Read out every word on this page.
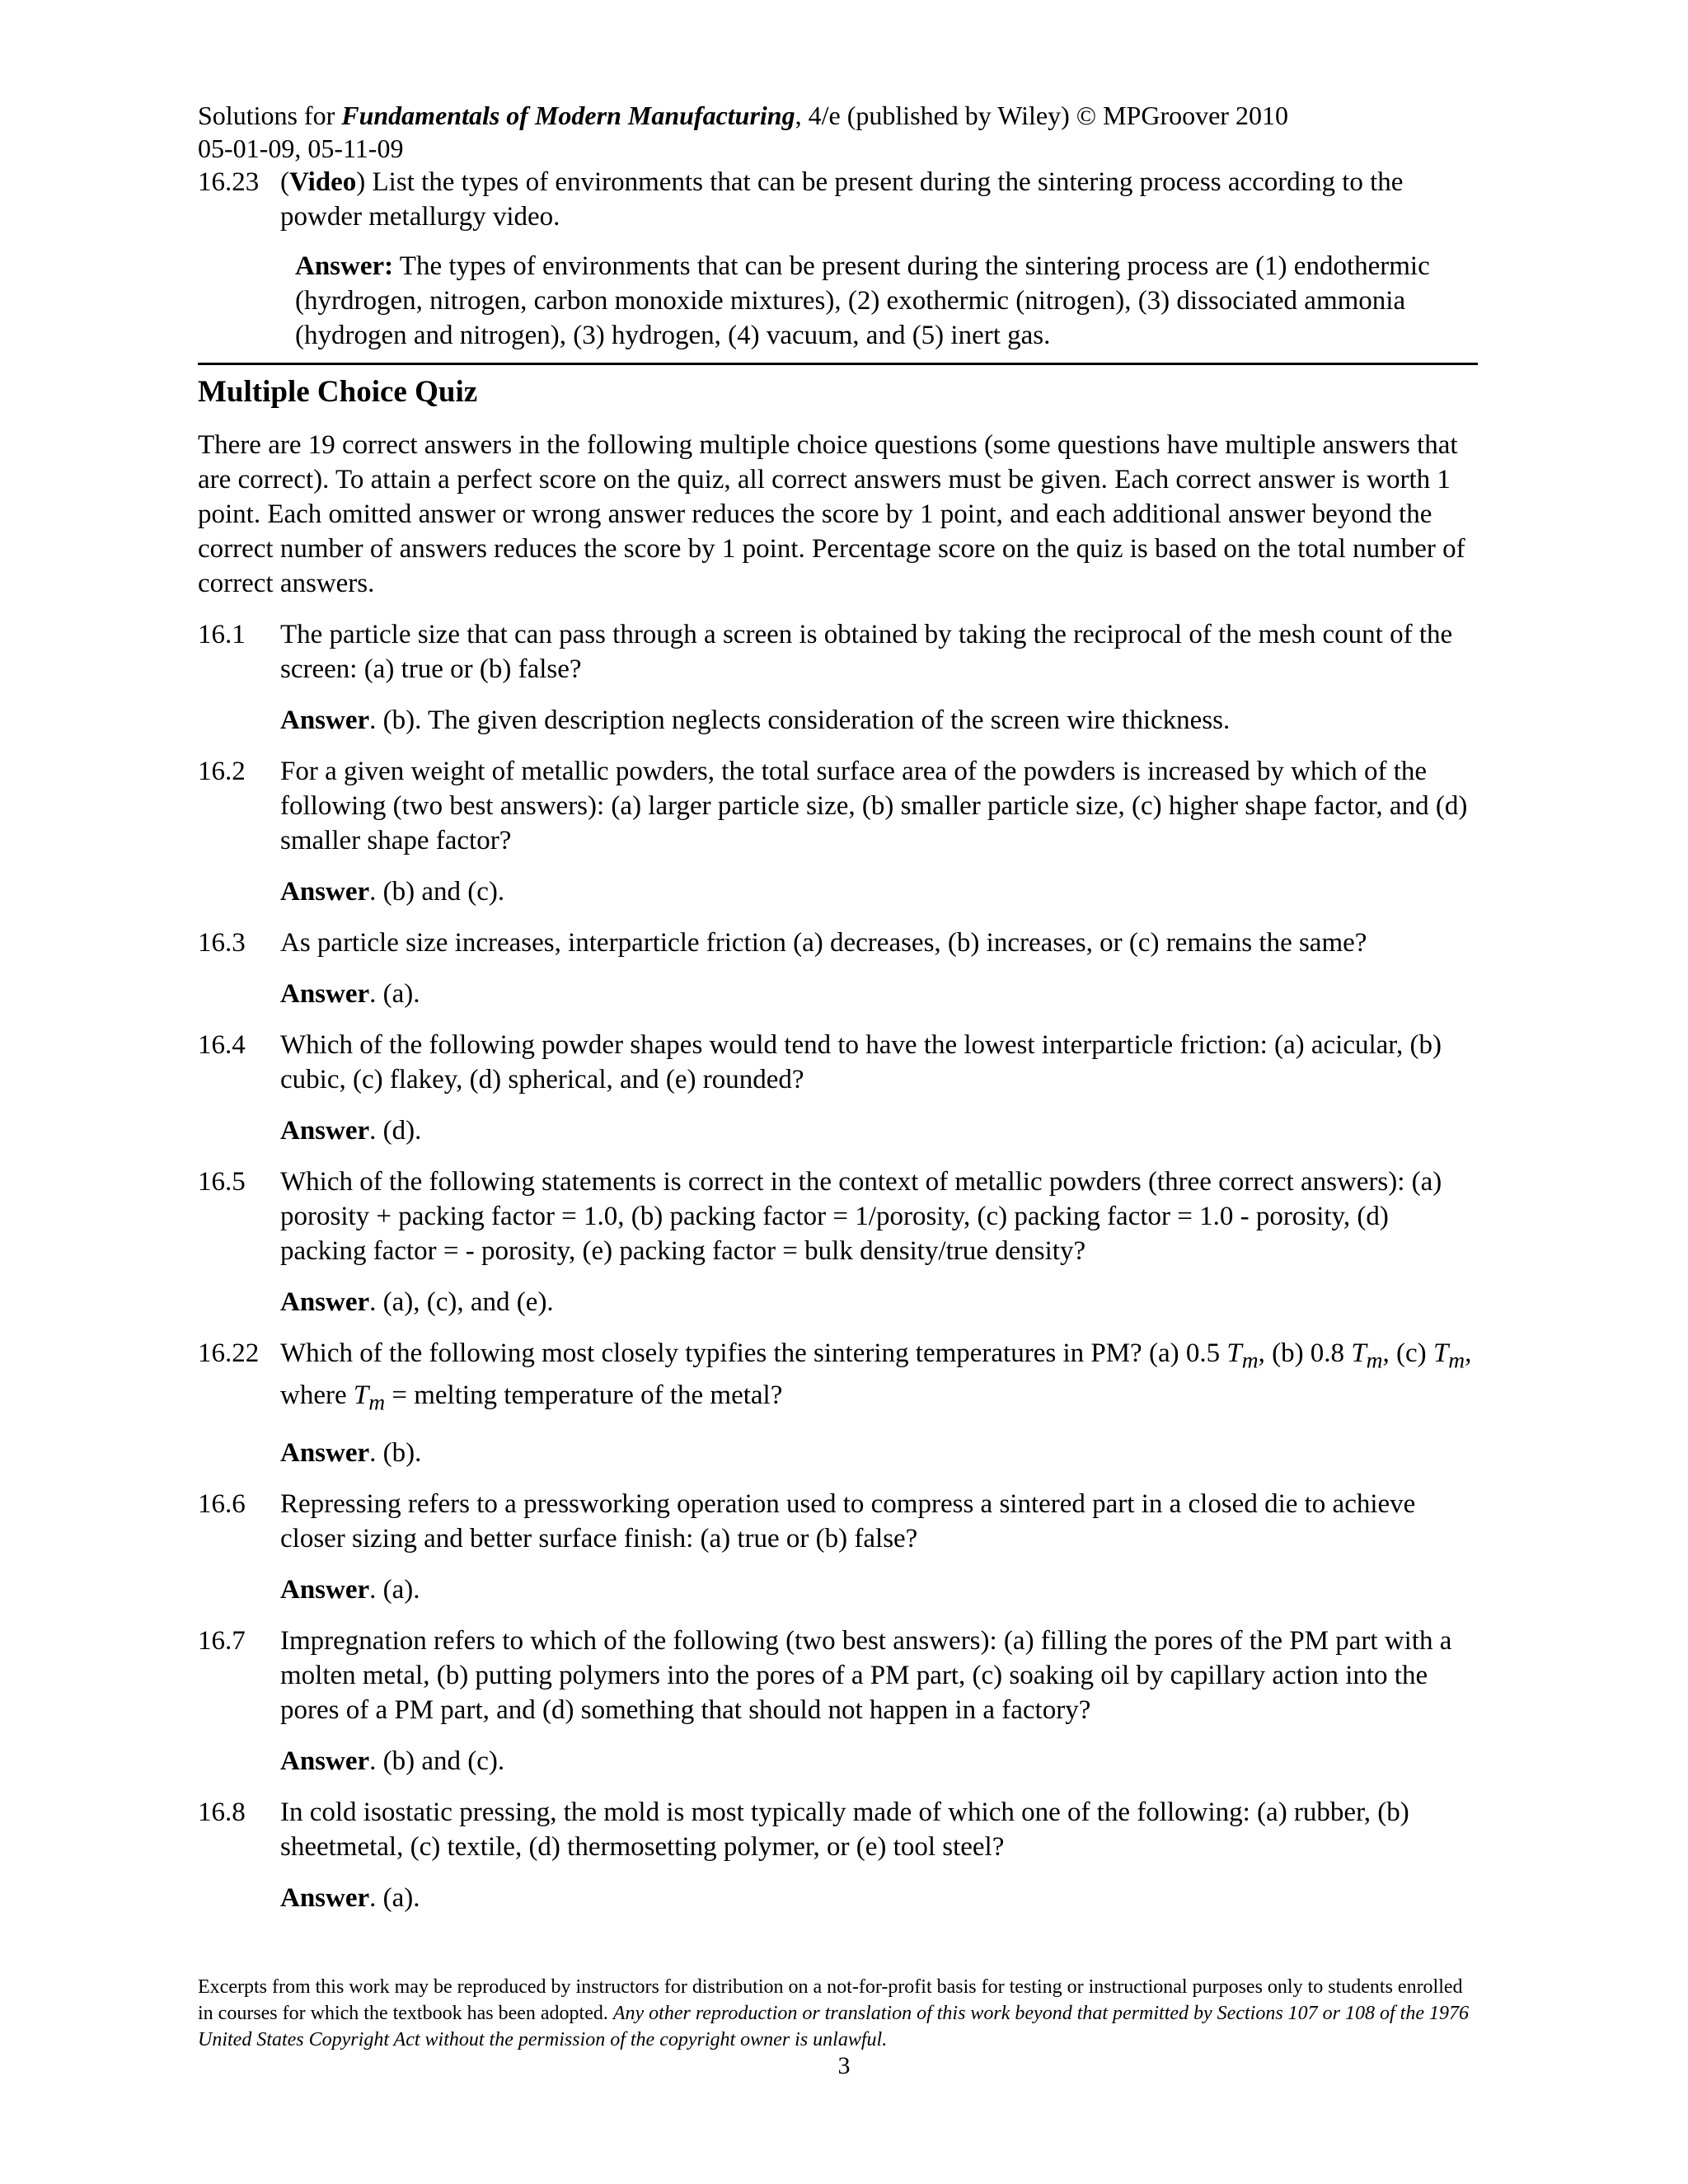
Solutions for Fundamentals of Modern Manufacturing, 4/e (published by Wiley) © MPGroover 2010
05-01-09, 05-11-09
16.23 (Video) List the types of environments that can be present during the sintering process according to the powder metallurgy video.
Answer: The types of environments that can be present during the sintering process are (1) endothermic (hyrdrogen, nitrogen, carbon monoxide mixtures), (2) exothermic (nitrogen), (3) dissociated ammonia (hydrogen and nitrogen), (3) hydrogen, (4) vacuum, and (5) inert gas.
Multiple Choice Quiz
There are 19 correct answers in the following multiple choice questions (some questions have multiple answers that are correct). To attain a perfect score on the quiz, all correct answers must be given. Each correct answer is worth 1 point. Each omitted answer or wrong answer reduces the score by 1 point, and each additional answer beyond the correct number of answers reduces the score by 1 point. Percentage score on the quiz is based on the total number of correct answers.
16.1	The particle size that can pass through a screen is obtained by taking the reciprocal of the mesh count of the screen: (a) true or (b) false?
Answer. (b). The given description neglects consideration of the screen wire thickness.
16.2	For a given weight of metallic powders, the total surface area of the powders is increased by which of the following (two best answers): (a) larger particle size, (b) smaller particle size, (c) higher shape factor, and (d) smaller shape factor?
Answer. (b) and (c).
16.3	As particle size increases, interparticle friction (a) decreases, (b) increases, or (c) remains the same?
Answer. (a).
16.4	Which of the following powder shapes would tend to have the lowest interparticle friction: (a) acicular, (b) cubic, (c) flakey, (d) spherical, and (e) rounded?
Answer. (d).
16.5	Which of the following statements is correct in the context of metallic powders (three correct answers): (a) porosity + packing factor = 1.0, (b) packing factor = 1/porosity, (c) packing factor = 1.0 - porosity, (d) packing factor = - porosity, (e) packing factor = bulk density/true density?
Answer. (a), (c), and (e).
16.22 Which of the following most closely typifies the sintering temperatures in PM? (a) 0.5 $T_m$, (b) 0.8 $T_m$, (c) $T_m$, where $T_m$ = melting temperature of the metal?
Answer. (b).
16.6	Repressing refers to a pressworking operation used to compress a sintered part in a closed die to achieve closer sizing and better surface finish: (a) true or (b) false?
Answer. (a).
16.7	Impregnation refers to which of the following (two best answers): (a) filling the pores of the PM part with a molten metal, (b) putting polymers into the pores of a PM part, (c) soaking oil by capillary action into the pores of a PM part, and (d) something that should not happen in a factory?
Answer. (b) and (c).
16.8	In cold isostatic pressing, the mold is most typically made of which one of the following: (a) rubber, (b) sheetmetal, (c) textile, (d) thermosetting polymer, or (e) tool steel?
Answer. (a).
Excerpts from this work may be reproduced by instructors for distribution on a not-for-profit basis for testing or instructional purposes only to students enrolled in courses for which the textbook has been adopted. Any other reproduction or translation of this work beyond that permitted by Sections 107 or 108 of the 1976 United States Copyright Act without the permission of the copyright owner is unlawful.
3
